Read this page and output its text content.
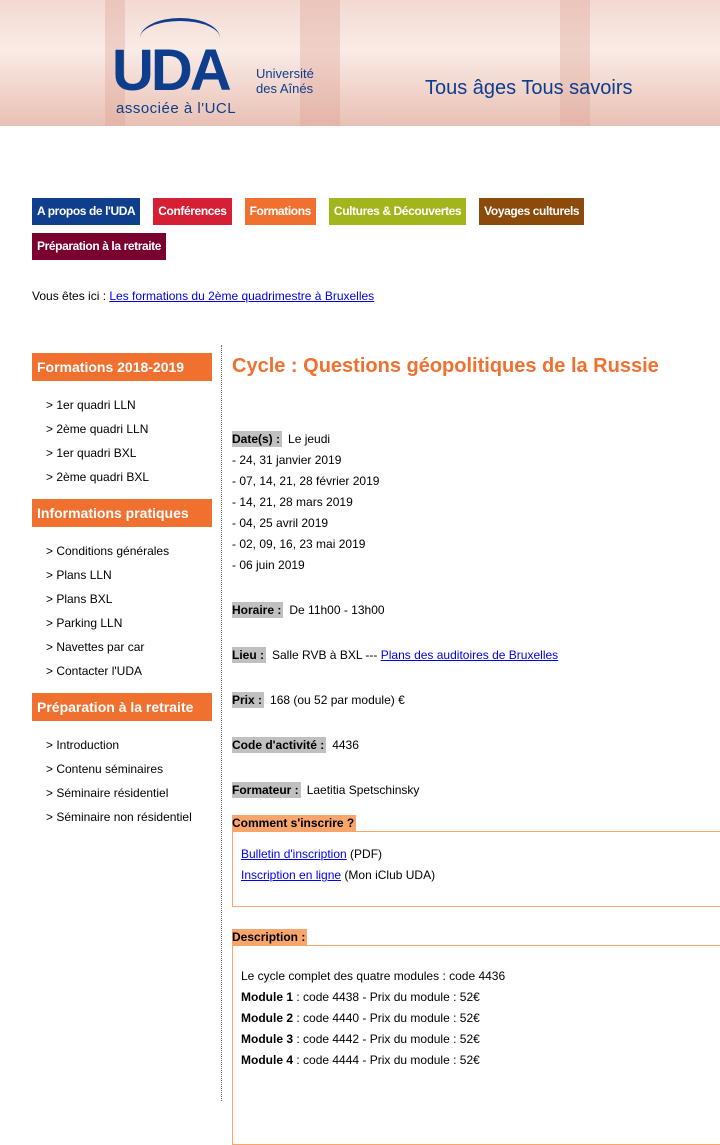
UDA
associée à l'UCL
Université
des Aînés	Tous âges Tous savoirs
A propos de l'UDA	Conférences	Formations	Cultures & Découvertes	Voyages culturels
Préparation à la retraite
Vous êtes ici : Les formations du 2ème quadrimestre à Bruxelles
Formations 2018-2019
> 1er quadri LLN
> 2ème quadri LLN
> 1er quadri BXL
> 2ème quadri BXL
Informations pratiques
> Conditions générales
> Plans LLN
> Plans BXL
> Parking LLN
> Navettes par car
> Contacter l'UDA
Préparation à la retraite
> Introduction
> Contenu séminaires
> Séminaire résidentiel
> Séminaire non résidentiel
Cycle : Questions géopolitiques de la Russie
Date(s) : Le jeudi
- 24, 31 janvier 2019
- 07, 14, 21, 28 février 2019
- 14, 21, 28 mars 2019
- 04, 25 avril 2019
- 02, 09, 16, 23 mai 2019
- 06 juin 2019
Horaire : De 11h00 - 13h00
Lieu : Salle RVB à BXL --- Plans des auditoires de Bruxelles
Prix : 168 (ou 52 par module) €
Code d'activité : 4436
Formateur : Laetitia Spetschinsky
Comment s'inscrire ?
Bulletin d'inscription (PDF)
Inscription en ligne (Mon iClub UDA)
Description :
Le cycle complet des quatre modules : code 4436
Module 1 : code 4438 - Prix du module : 52€
Module 2 : code 4440 - Prix du module : 52€
Module 3 : code 4442 - Prix du module : 52€
Module 4 : code 4444 - Prix du module : 52€
